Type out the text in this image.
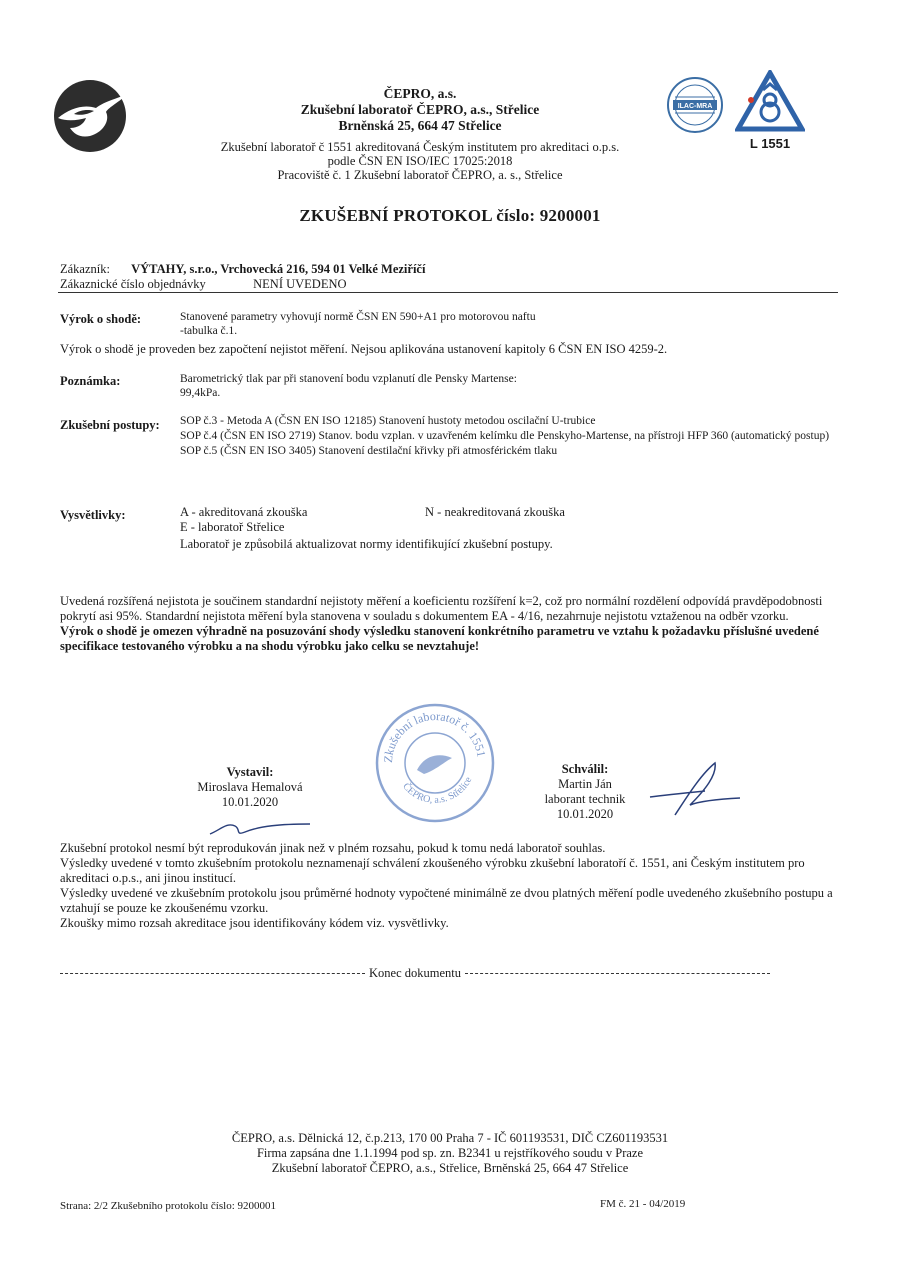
ČEPRO, a.s.
Zkušební laboratoř ČEPRO, a.s., Střelice
Brněnská 25, 664 47 Střelice
Zkušební laboratoř č 1551 akreditovaná Českým institutem pro akreditaci o.p.s.
podle ČSN EN ISO/IEC 17025:2018
Pracoviště č. 1 Zkušební laboratoř ČEPRO, a. s., Střelice
ILAC-MRA
L 1551
ZKUŠEBNÍ PROTOKOL číslo: 9200001
Zákazník: VÝTAHY, s.r.o., Vrchovecká 216, 594 01 Velké Meziříčí
Zákaznické číslo objednávky	NENÍ UVEDENO
Výrok o shodě:	Stanovené parametry vyhovují normě ČSN EN 590+A1 pro motorovou naftu
-tabulka č.1.
Výrok o shodě je proveden bez započtení nejistot měření. Nejsou aplikována ustanovení kapitoly 6 ČSN EN ISO 4259-2.
Poznámka:	Barometrický tlak par při stanovení bodu vzplanutí dle Pensky Martense:
99,4kPa.
Zkušební postupy: SOP č.3 - Metoda A (ČSN EN ISO 12185) Stanovení hustoty metodou oscilační U-trubice
SOP č.4 (ČSN EN ISO 2719) Stanov. bodu vzplan. v uzavřeném kelímku dle Penskyho-Martense, na přístroji HFP 360 (automatický postup)
SOP č.5 (ČSN EN ISO 3405) Stanovení destilační křivky při atmosférickém tlaku
Vysvětlivky:	A - akreditovaná zkouška	N - neakreditovaná zkouška
E - laboratoř Střelice
Laboratoř je způsobilá aktualizovat normy identifikující zkušební postupy.
Uvedená rozšířená nejistota je součinem standardní nejistoty měření a koeficientu rozšíření k=2, což pro normální rozdělení odpovídá pravděpodobnosti pokrytí asi 95%. Standardní nejistota měření byla stanovena v souladu s dokumentem EA - 4/16, nezahrnuje nejistotu vztaženou na odběr vzorku.
Výrok o shodě je omezen výhradně na posuzování shody výsledku stanovení konkrétního parametru ve vztahu k požadavku příslušné uvedené specifikace testovaného výrobku a na shodu výrobku jako celku se nevztahuje!
Zkušební laboratoř č. 1551
ČEPRO, a.s. Střelice
Vystavil:
Miroslava Hemalová
10.01.2020
Schválil:
Martin Ján
laborant technik
10.01.2020
Zkušební protokol nesmí být reprodukován jinak než v plném rozsahu, pokud k tomu nedá laboratoř souhlas.
Výsledky uvedené v tomto zkušebním protokolu neznamenají schválení zkoušeného výrobku zkušební laboratoří č. 1551, ani Českým institutem pro akreditaci o.p.s., ani jinou institucí.
Výsledky uvedené ve zkušebním protokolu jsou průměrné hodnoty vypočtené minimálně ze dvou platných měření podle uvedeného zkušebního postupu a vztahují se pouze ke zkoušenému vzorku.
Zkoušky mimo rozsah akreditace jsou identifikovány kódem viz. vysvětlivky.
Konec dokumentu
ČEPRO, a.s. Dělnická 12, č.p.213, 170 00 Praha 7 - IČ 601193531, DIČ CZ601193531
Firma zapsána dne 1.1.1994 pod sp. zn. B2341 u rejstříkového soudu v Praze
Zkušební laboratoř ČEPRO, a.s., Střelice, Brněnská 25, 664 47 Střelice
Strana: 2/2 Zkušebního protokolu číslo: 9200001	FM č. 21 - 04/2019
